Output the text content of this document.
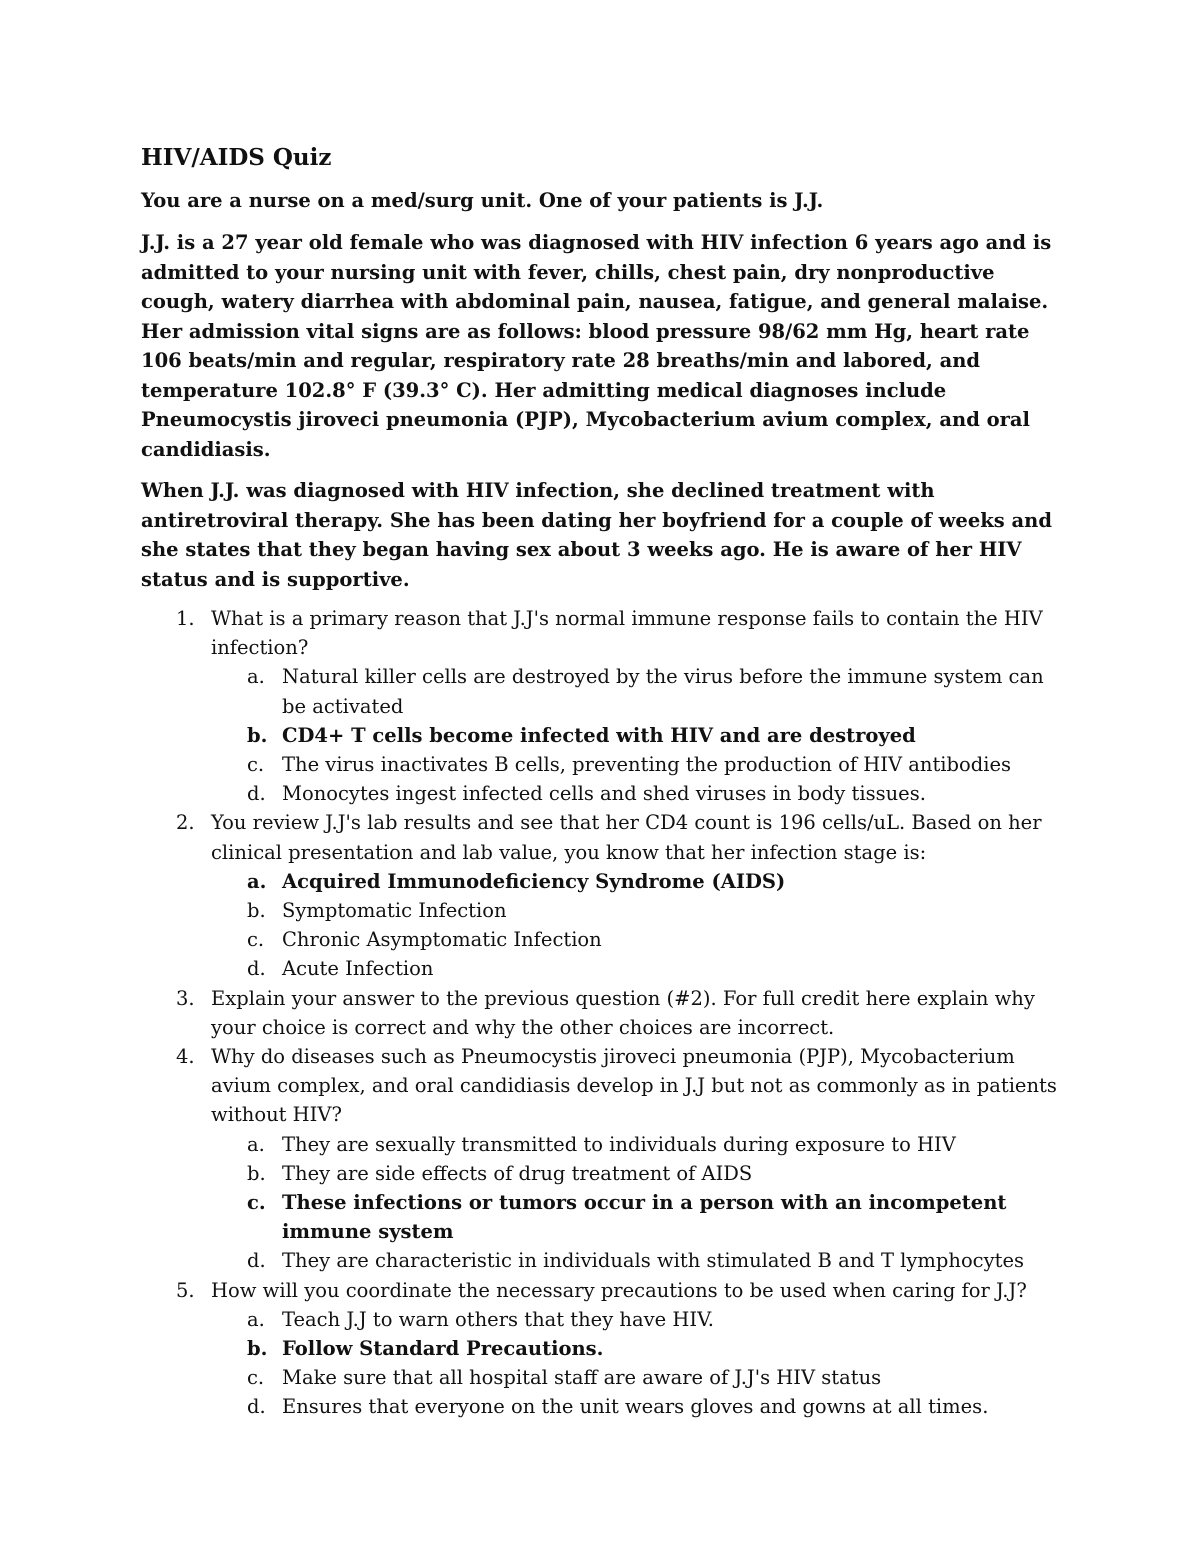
HIV/AIDS Quiz

You are a nurse on a med/surg unit. One of your patients is J.J.

J.J. is a 27 year old female who was diagnosed with HIV infection 6 years ago and is admitted to your nursing unit with fever, chills, chest pain, dry nonproductive cough, watery diarrhea with abdominal pain, nausea, fatigue, and general malaise. Her admission vital signs are as follows: blood pressure 98/62 mm Hg, heart rate 106 beats/min and regular, respiratory rate 28 breaths/min and labored, and temperature 102.8° F (39.3° C). Her admitting medical diagnoses include Pneumocystis jiroveci pneumonia (PJP), Mycobacterium avium complex, and oral candidiasis.

When J.J. was diagnosed with HIV infection, she declined treatment with antiretroviral therapy. She has been dating her boyfriend for a couple of weeks and she states that they began having sex about 3 weeks ago. He is aware of her HIV status and is supportive.

1. What is a primary reason that J.J's normal immune response fails to contain the HIV infection?
a. Natural killer cells are destroyed by the virus before the immune system can be activated
b. CD4+ T cells become infected with HIV and are destroyed
c. The virus inactivates B cells, preventing the production of HIV antibodies
d. Monocytes ingest infected cells and shed viruses in body tissues.
2. You review J.J's lab results and see that her CD4 count is 196 cells/uL. Based on her clinical presentation and lab value, you know that her infection stage is:
a. Acquired Immunodeficiency Syndrome (AIDS)
b. Symptomatic Infection
c. Chronic Asymptomatic Infection
d. Acute Infection
3. Explain your answer to the previous question (#2). For full credit here explain why your choice is correct and why the other choices are incorrect.
4. Why do diseases such as Pneumocystis jiroveci pneumonia (PJP), Mycobacterium avium complex, and oral candidiasis develop in J.J but not as commonly as in patients without HIV?
a. They are sexually transmitted to individuals during exposure to HIV
b. They are side effects of drug treatment of AIDS
c. These infections or tumors occur in a person with an incompetent immune system
d. They are characteristic in individuals with stimulated B and T lymphocytes
5. How will you coordinate the necessary precautions to be used when caring for J.J?
a. Teach J.J to warn others that they have HIV.
b. Follow Standard Precautions.
c. Make sure that all hospital staff are aware of J.J's HIV status
d. Ensures that everyone on the unit wears gloves and gowns at all times.
